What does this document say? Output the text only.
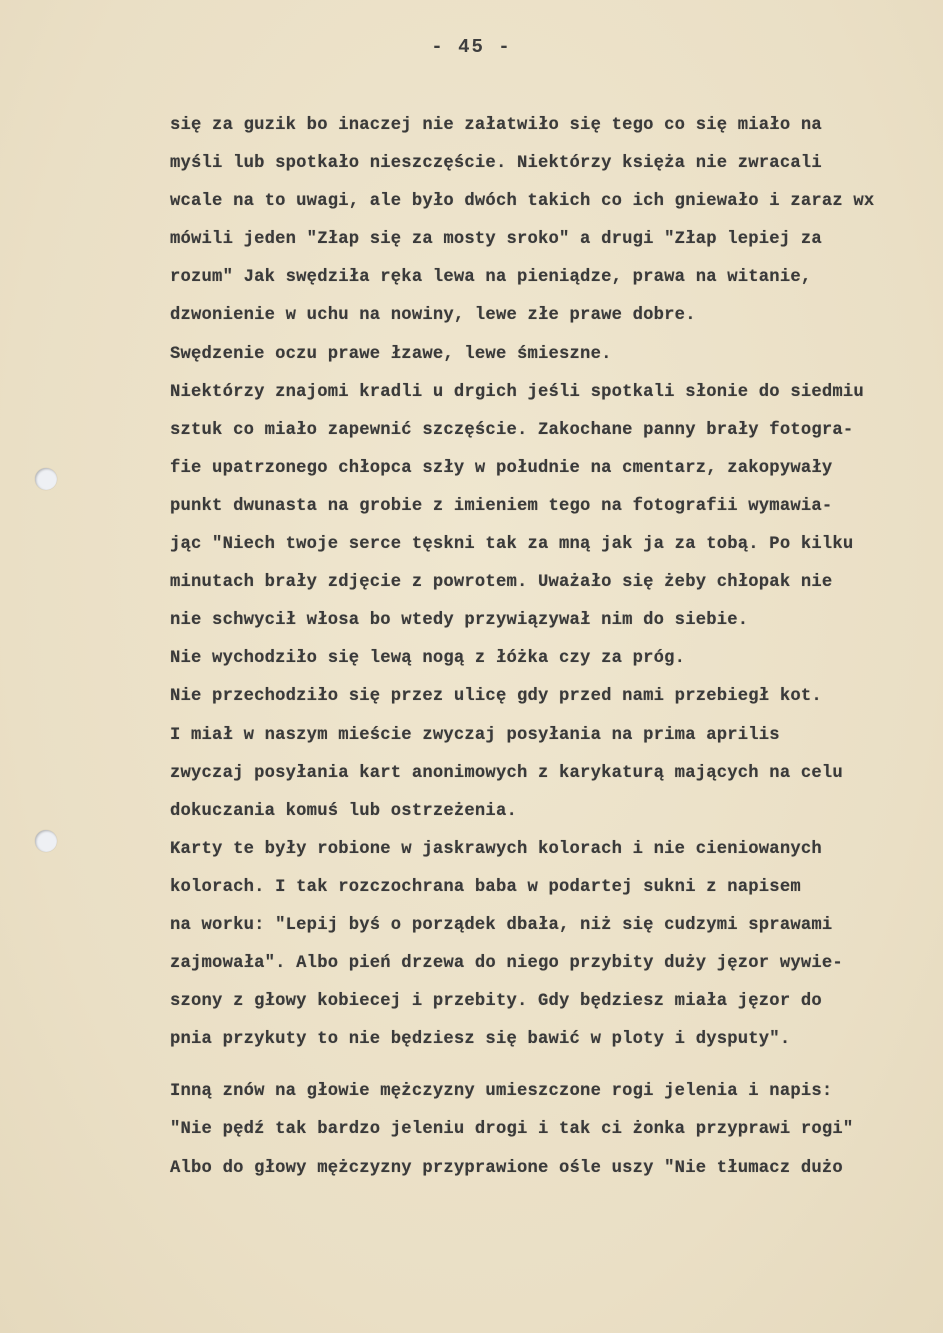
- 45 -
się za guzik bo inaczej nie załatwiło się tego co się miało na
myśli lub spotkało nieszczęście. Niektórzy księża nie zwracali
wcale na to uwagi, ale było dwóch takich co ich gniewało i zaraz wx
mówili jeden "Złap się za mosty sroko" a drugi "Złap lepiej za
rozum" Jak swędziła ręka lewa na pieniądze, prawa na witanie,
dzwonienie w uchu na nowiny, lewe złe prawe dobre.
Swędzenie oczu prawe łzawe, lewe śmieszne.
Niektórzy znajomi kradli u drgich jeśli spotkali słonie do siedmiu
sztuk co miało zapewnić szczęście. Zakochane panny brały fotogra-
fie upatrzonego chłopca szły w południe na cmentarz, zakopywały
punkt dwunasta na grobie z imieniem tego na fotografii wymawia-
jąc "Niech twoje serce tęskni tak za mną jak ja za tobą. Po kilku
minutach brały zdjęcie z powrotem. Uważało się żeby chłopak nie
nie schwycił włosa bo wtedy przywiązywał nim do siebie.
Nie wychodziło się lewą nogą z łóżka czy za próg.
Nie przechodziło się przez ulicę gdy przed nami przebiegł kot.
I miał w naszym mieście zwyczaj posyłania na prima aprilis
zwyczaj posyłania kart anonimowych z karykaturą mających na celu
dokuczania komuś lub ostrzeżenia.
Karty te były robione w jaskrawych kolorach i nie cieniowanych
kolorach. I tak rozczochrana baba w podartej sukni z napisem
na worku: "Lepij byś o porządek dbała, niż się cudzymi sprawami
zajmowała". Albo pień drzewa do niego przybity duży jęzor wywie-
szony z głowy kobiecej i przebity. Gdy będziesz miała jęzor do
pnia przykuty to nie będziesz się bawić w ploty i dysputy".
Inną znów na głowie mężczyzny umieszczone rogi jelenia i napis:
"Nie pędź tak bardzo jeleniu drogi i tak ci żonka przyprawi rogi"
Albo do głowy mężczyzny przyprawione ośle uszy "Nie tłumacz dużo
